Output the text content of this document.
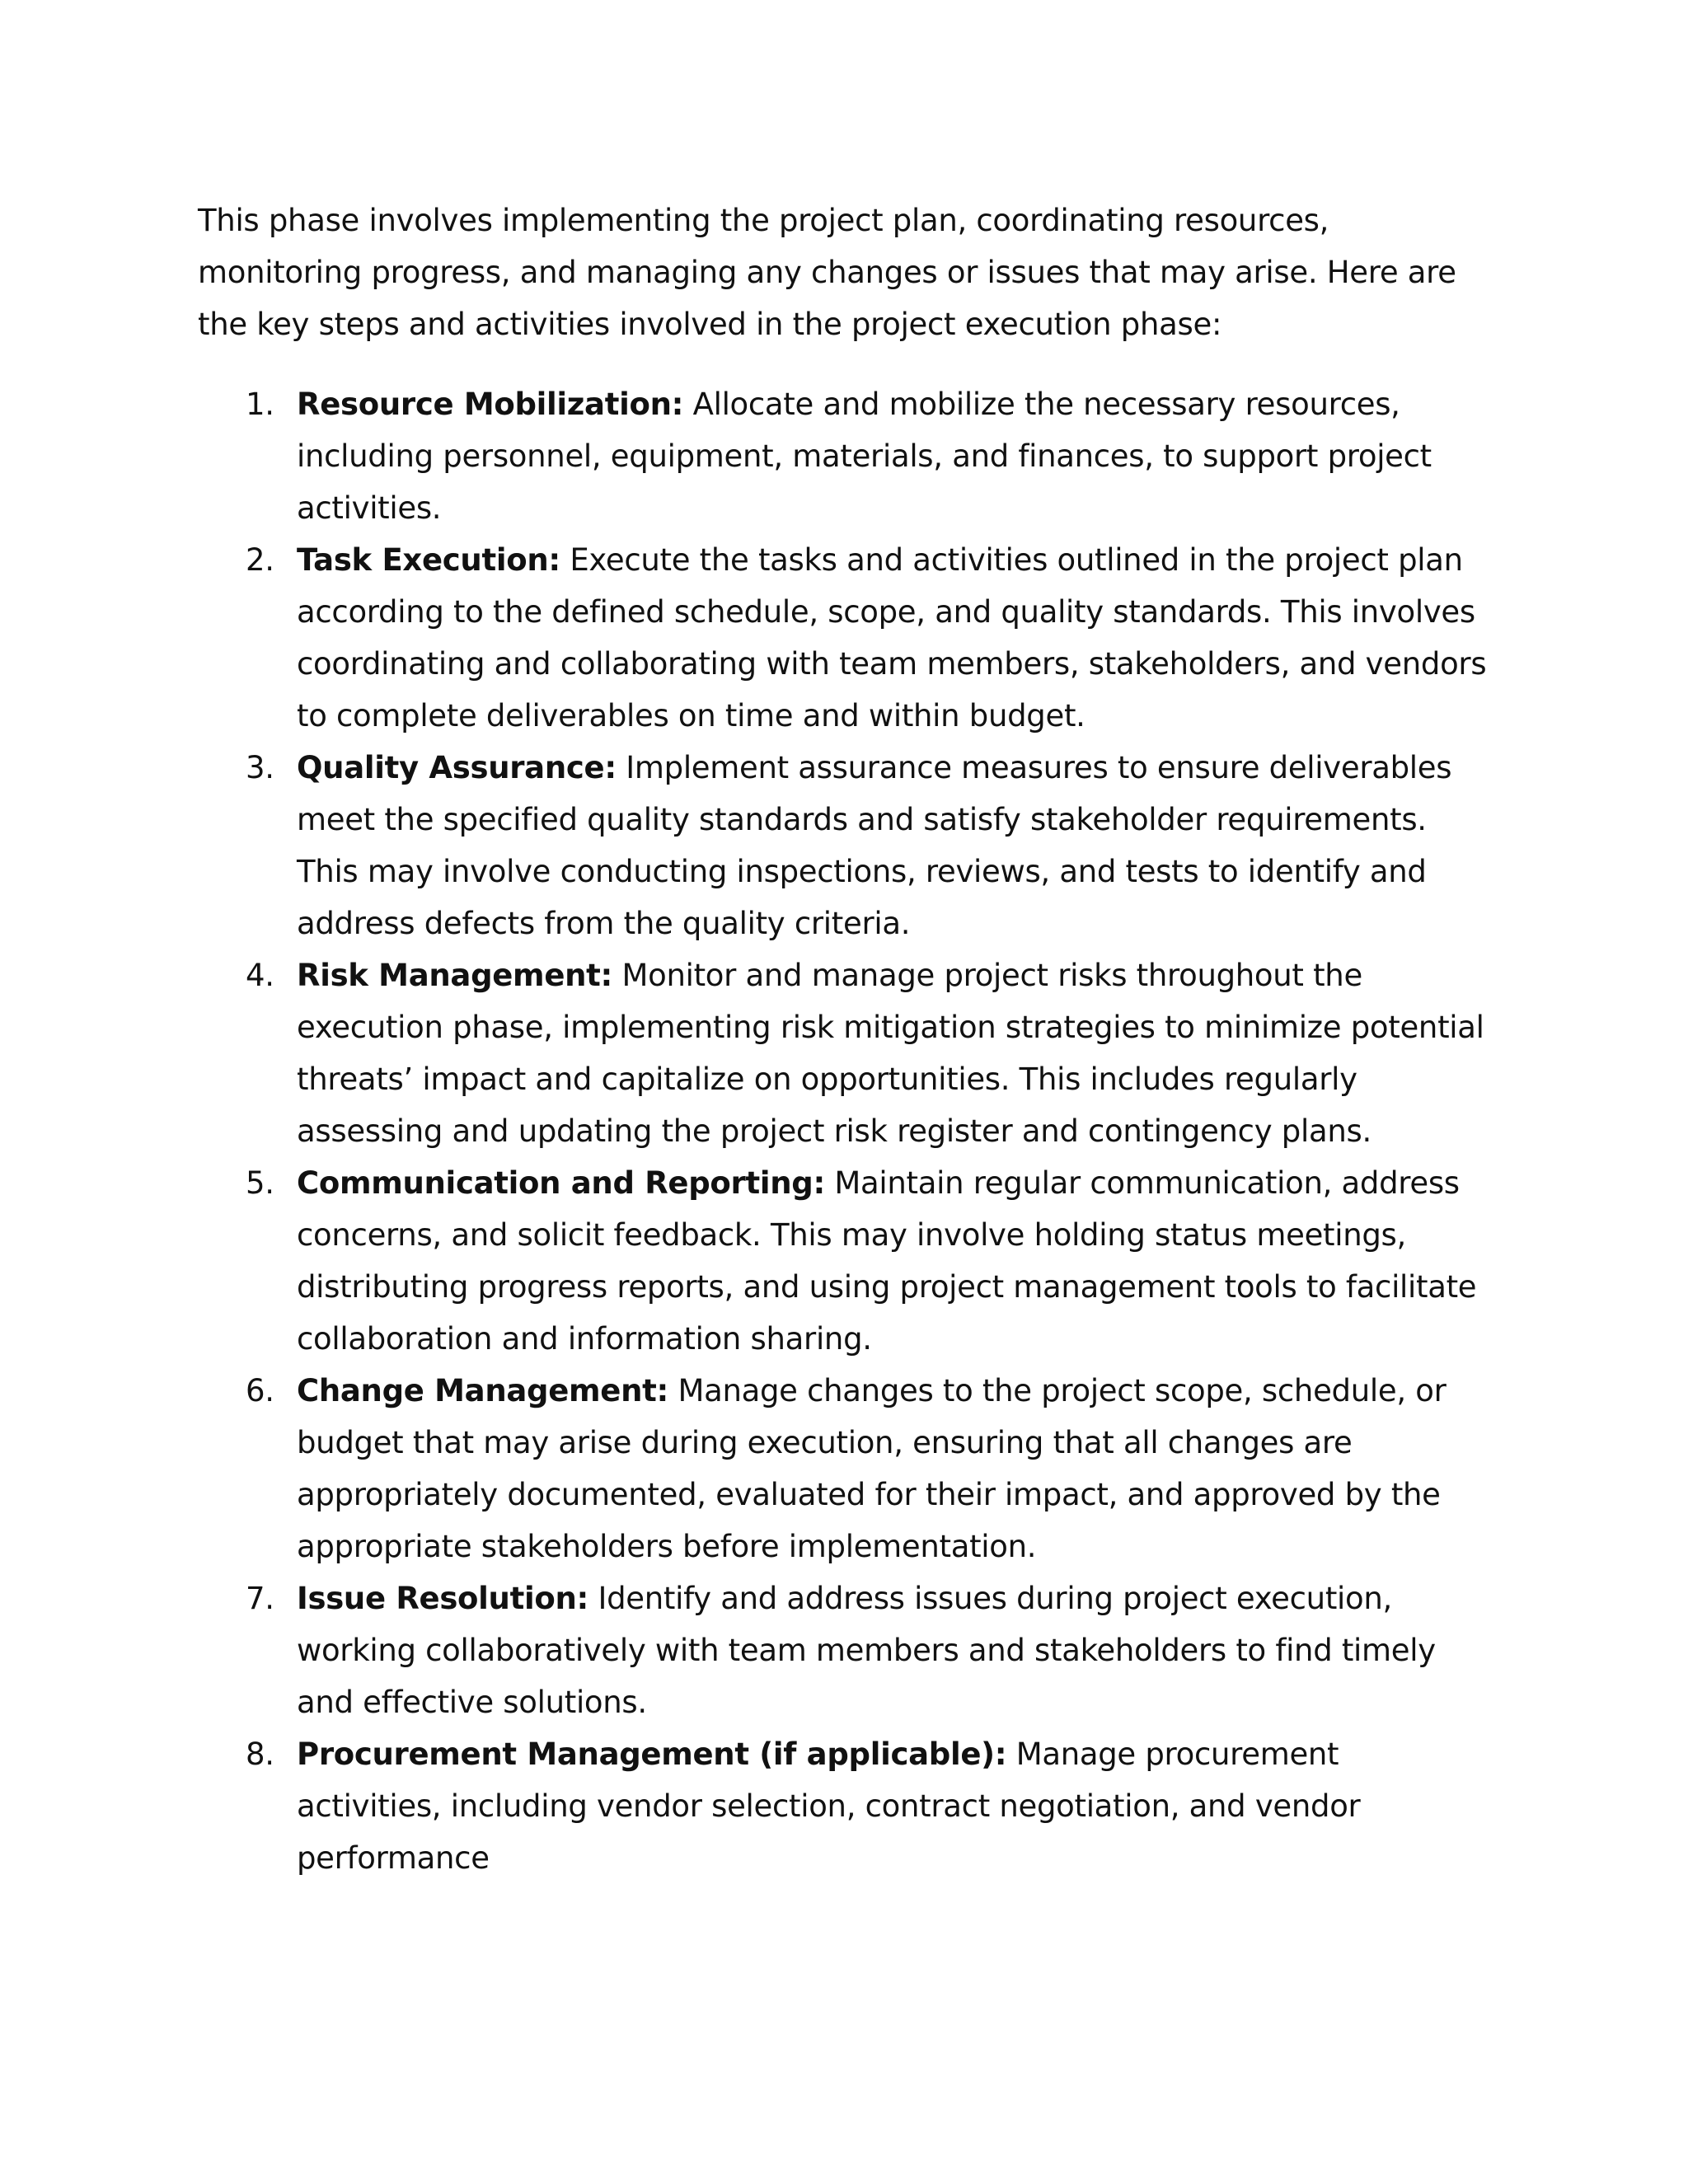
This phase involves implementing the project plan, coordinating resources, monitoring progress, and managing any changes or issues that may arise. Here are the key steps and activities involved in the project execution phase:

1. Resource Mobilization: Allocate and mobilize the necessary resources, including personnel, equipment, materials, and finances, to support project activities.
2. Task Execution: Execute the tasks and activities outlined in the project plan according to the defined schedule, scope, and quality standards. This involves coordinating and collaborating with team members, stakeholders, and vendors to complete deliverables on time and within budget.
3. Quality Assurance: Implement assurance measures to ensure deliverables meet the specified quality standards and satisfy stakeholder requirements. This may involve conducting inspections, reviews, and tests to identify and address defects from the quality criteria.
4. Risk Management: Monitor and manage project risks throughout the execution phase, implementing risk mitigation strategies to minimize potential threats’ impact and capitalize on opportunities. This includes regularly assessing and updating the project risk register and contingency plans.
5. Communication and Reporting: Maintain regular communication, address concerns, and solicit feedback. This may involve holding status meetings, distributing progress reports, and using project management tools to facilitate collaboration and information sharing.
6. Change Management: Manage changes to the project scope, schedule, or budget that may arise during execution, ensuring that all changes are appropriately documented, evaluated for their impact, and approved by the appropriate stakeholders before implementation.
7. Issue Resolution: Identify and address issues during project execution, working collaboratively with team members and stakeholders to find timely and effective solutions.
8. Procurement Management (if applicable): Manage procurement activities, including vendor selection, contract negotiation, and vendor performance
